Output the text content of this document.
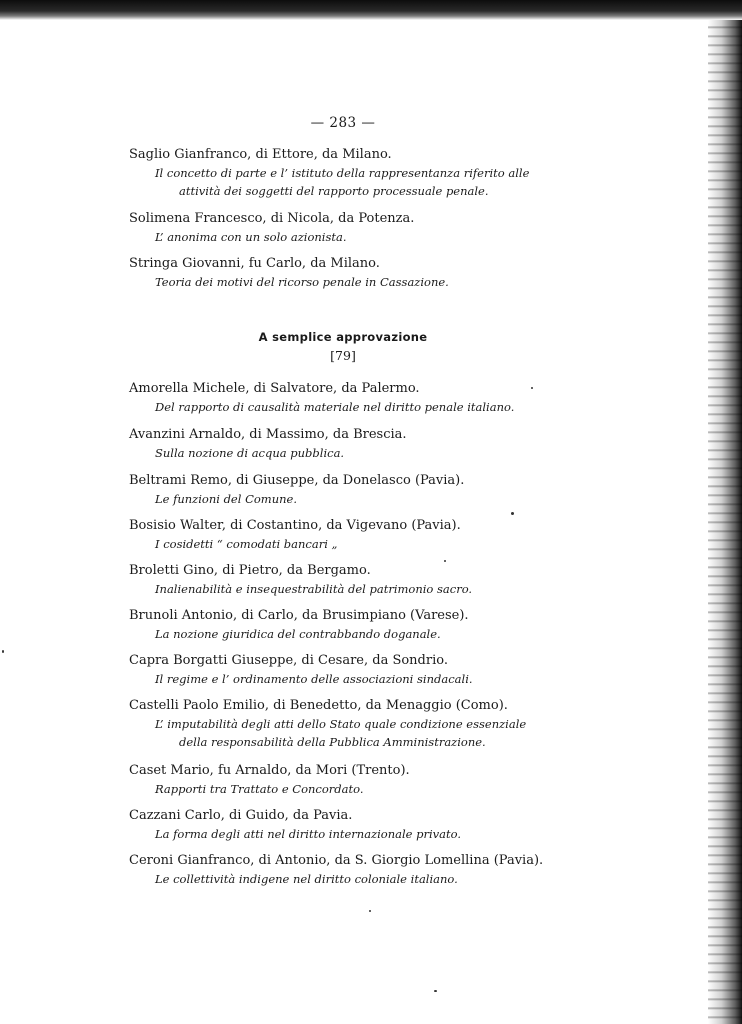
— 283 —
Saglio Gianfranco, di Ettore, da Milano.
Il concetto di parte e l’ istituto della rappresentanza riferito alle
attività dei soggetti del rapporto processuale penale.
Solimena Francesco, di Nicola, da Potenza.
L’ anonima con un solo azionista.
Stringa Giovanni, fu Carlo, da Milano.
Teoria dei motivi del ricorso penale in Cassazione.
A semplice approvazione
[79]
Amorella Michele, di Salvatore, da Palermo.
Del rapporto di causalità materiale nel diritto penale italiano.
Avanzini Arnaldo, di Massimo, da Brescia.
Sulla nozione di acqua pubblica.
Beltrami Remo, di Giuseppe, da Donelasco (Pavia).
Le funzioni del Comune.
Bosisio Walter, di Costantino, da Vigevano (Pavia).
I cosidetti “ comodati bancari „
Broletti Gino, di Pietro, da Bergamo.
Inalienabilità e insequestrabilità del patrimonio sacro.
Brunoli Antonio, di Carlo, da Brusimpiano (Varese).
La nozione giuridica del contrabbando doganale.
Capra Borgatti Giuseppe, di Cesare, da Sondrio.
Il regime e l’ ordinamento delle associazioni sindacali.
Castelli Paolo Emilio, di Benedetto, da Menaggio (Como).
L’ imputabilità degli atti dello Stato quale condizione essenziale
della responsabilità della Pubblica Amministrazione.
Caset Mario, fu Arnaldo, da Mori (Trento).
Rapporti tra Trattato e Concordato.
Cazzani Carlo, di Guido, da Pavia.
La forma degli atti nel diritto internazionale privato.
Ceroni Gianfranco, di Antonio, da S. Giorgio Lomellina (Pavia).
Le collettività indigene nel diritto coloniale italiano.
